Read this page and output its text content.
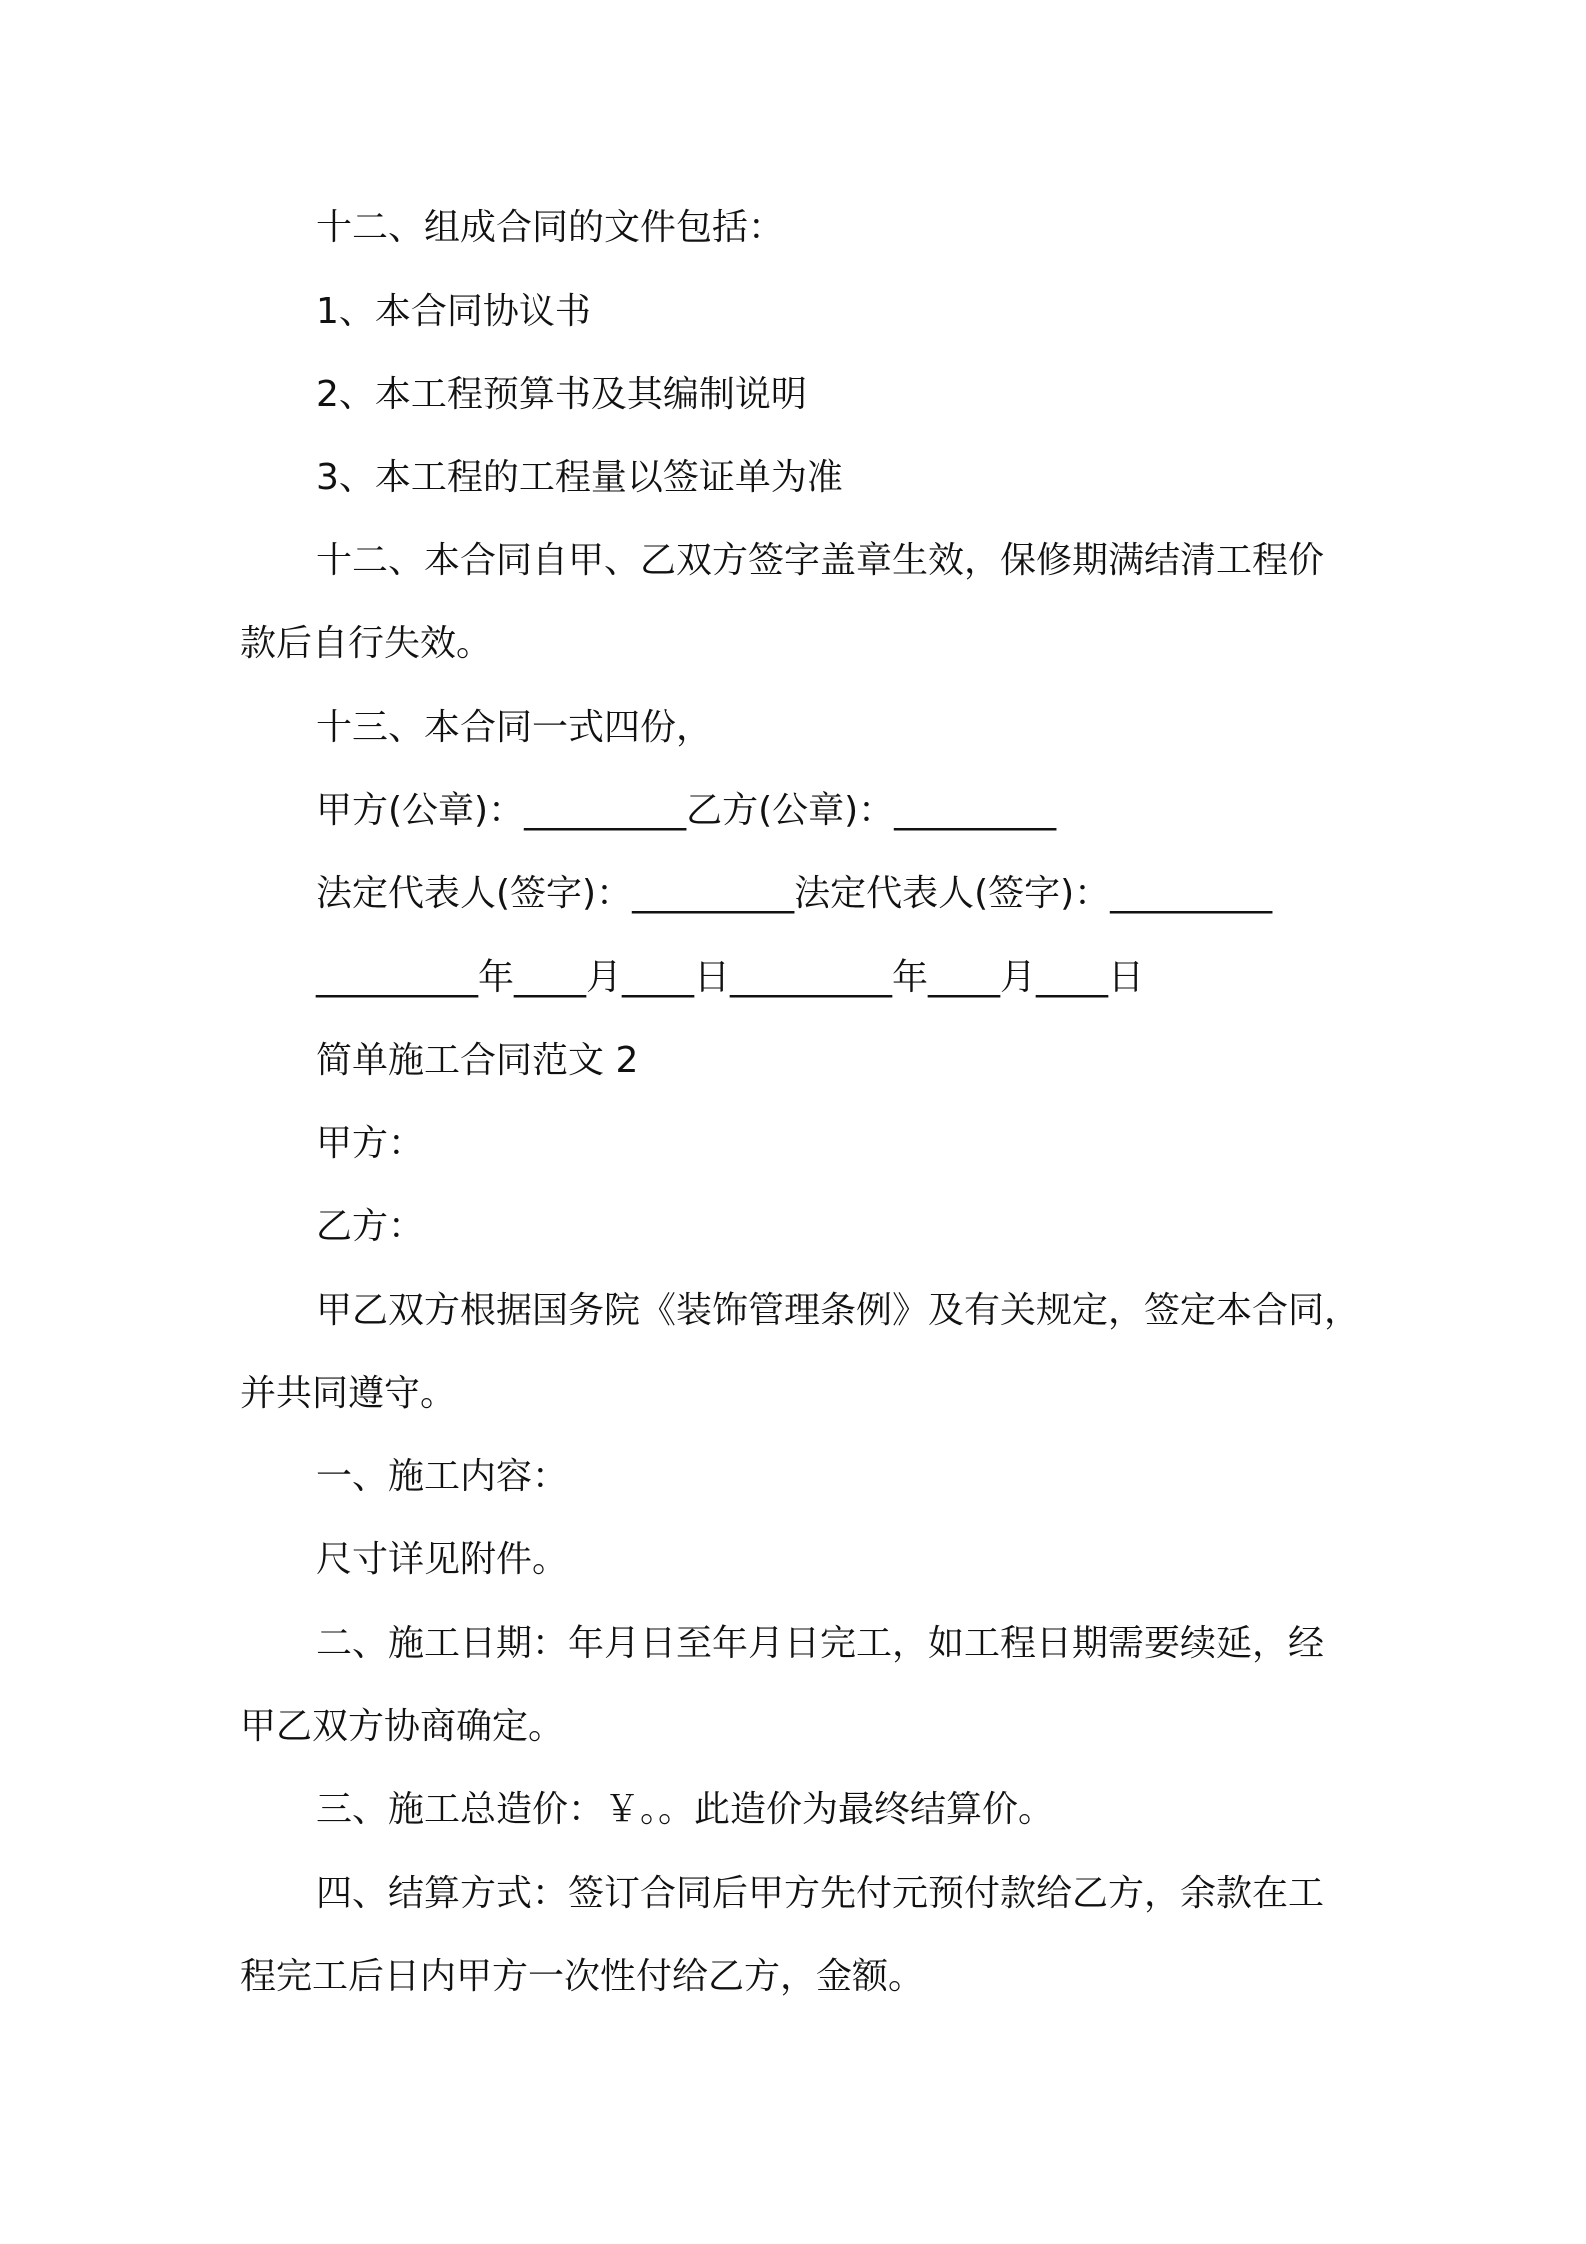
十二、组成合同的文件包括：
1、本合同协议书
2、本工程预算书及其编制说明
3、本工程的工程量以签证单为准
十二、本合同自甲、乙双方签字盖章生效，保修期满结清工程价
款后自行失效。
十三、本合同一式四份，
甲方(公章)：_________乙方(公章)：_________
法定代表人(签字)：_________法定代表人(签字)：_________
_________年____月____日_________年____月____日
简单施工合同范文 2
甲方：
乙方：
甲乙双方根据国务院《装饰管理条例》及有关规定，签定本合同，
并共同遵守。
一、施工内容：
尺寸详见附件。
二、施工日期：年月日至年月日完工，如工程日期需要续延，经
甲乙双方协商确定。
三、施工总造价：￥。。此造价为最终结算价。
四、结算方式：签订合同后甲方先付元预付款给乙方，余款在工
程完工后日内甲方一次性付给乙方，金额。
